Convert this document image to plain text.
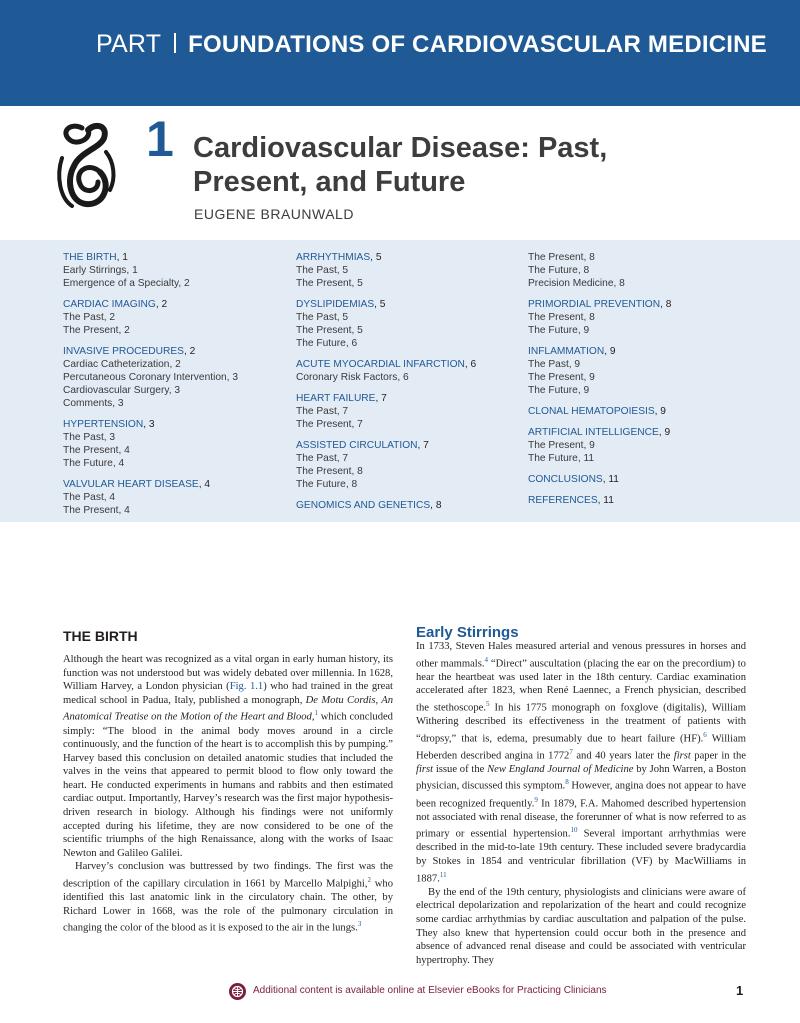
PART FOUNDATIONS OF CARDIOVASCULAR MEDICINE
1 Cardiovascular Disease: Past,
Present, and Future
EUGENE BRAUNWALD
THE BIRTH, 1
Early Stirrings, 1
Emergence of a Specialty, 2
CARDIAC IMAGING, 2
The Past, 2
The Present, 2
INVASIVE PROCEDURES, 2
Cardiac Catheterization, 2
Percutaneous Coronary Intervention, 3
Cardiovascular Surgery, 3
Comments, 3
HYPERTENSION, 3
The Past, 3
The Present, 4
The Future, 4
VALVULAR HEART DISEASE, 4
The Past, 4
The Present, 4
ARRHYTHMIAS, 5
The Past, 5
The Present, 5
DYSLIPIDEMIAS, 5
The Past, 5
The Present, 5
The Future, 6
ACUTE MYOCARDIAL INFARCTION, 6
Coronary Risk Factors, 6
HEART FAILURE, 7
The Past, 7
The Present, 7
ASSISTED CIRCULATION, 7
The Past, 7
The Present, 8
The Future, 8
GENOMICS AND GENETICS, 8
The Present, 8
The Future, 8
Precision Medicine, 8
PRIMORDIAL PREVENTION, 8
The Present, 8
The Future, 9
INFLAMMATION, 9
The Past, 9
The Present, 9
The Future, 9
CLONAL HEMATOPOIESIS, 9
ARTIFICIAL INTELLIGENCE, 9
The Present, 9
The Future, 11
CONCLUSIONS, 11
REFERENCES, 11
THE BIRTH	Early Stirrings

Although the heart was recognized as a vital organ in early human history, its function was not understood but was widely debated over millennia. In 1628, William Harvey, a London physician (Fig. 1.1) who had trained in the great medical school in Padua, Italy, published a monograph, De Motu Cordis, An Anatomical Treatise on the Motion of the Heart and Blood,$^1$ which concluded simply: “The blood in the animal body moves around in a circle continuously, and the function of the heart is to accomplish this by pumping.” Harvey based this conclusion on detailed anatomic studies that included the valves in the veins that appeared to permit blood to flow only toward the heart. He conducted experiments in humans and rabbits and then estimated cardiac output. Importantly, Harvey’s research was the first major hypothesis-driven research in biology. Although his findings were not uniformly accepted during his lifetime, they are now considered to be one of the scientific triumphs of the high Renaissance, along with the works of Isaac Newton and Galileo Galilei.

Harvey’s conclusion was buttressed by two findings. The first was the description of the capillary circulation in 1661 by Marcello Malpighi,$^2$ who identified this last anatomic link in the circulatory chain. The other, by Richard Lower in 1668, was the role of the pulmonary circulation in changing the color of the blood as it is exposed to the air in the lungs.$^3$

In 1733, Steven Hales measured arterial and venous pressures in horses and other mammals.$^4$ “Direct” auscultation (placing the ear on the precordium) to hear the heartbeat was used later in the 18th century. Cardiac examination accelerated after 1823, when René Laennec, a French physician, described the stethoscope.$^5$ In his 1775 monograph on foxglove (digitalis), William Withering described its effectiveness in the treatment of patients with “dropsy,” that is, edema, presumably due to heart failure (HF).$^6$ William Heberden described angina in 1772$^7$ and 40 years later the first paper in the first issue of the New England Journal of Medicine by John Warren, a Boston physician, discussed this symptom.$^8$ However, angina does not appear to have been recognized frequently.$^9$ In 1879, F.A. Mahomed described hypertension not associated with renal disease, the forerunner of what is now referred to as primary or essential hypertension.$^{10}$ Several important arrhythmias were described in the mid-to-late 19th century. These included severe bradycardia by Stokes in 1854 and ventricular fibrillation (VF) by MacWilliams in 1887.11

By the end of the 19th century, physiologists and clinicians were aware of electrical depolarization and repolarization of the heart and could recognize some cardiac arrhythmias by cardiac auscultation and palpation of the pulse. They also knew that hypertension could occur both in the presence and absence of advanced renal disease and could be associated with ventricular hypertrophy. They

Additional content is available online at Elsevier eBooks for Practicing Clinicians	1
